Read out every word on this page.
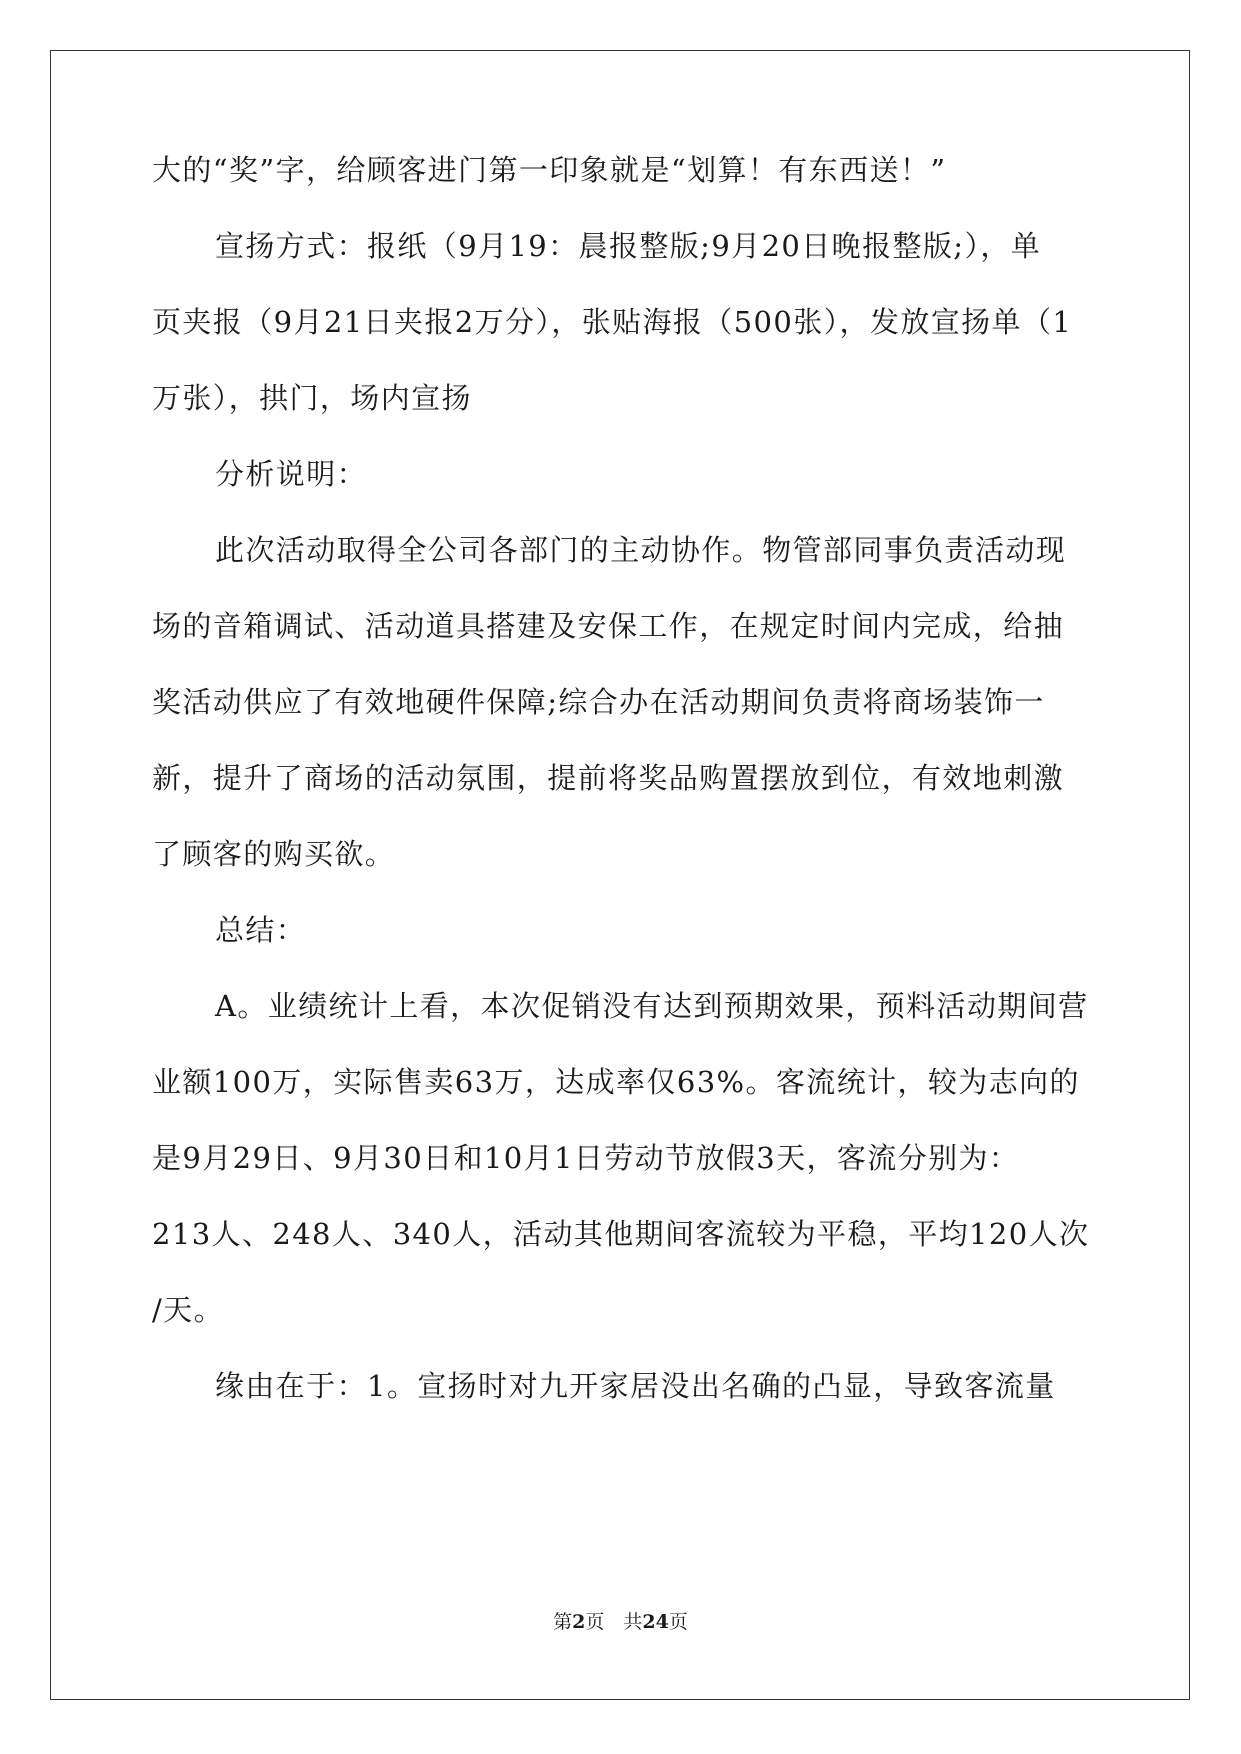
大的“奖”字，给顾客进门第一印象就是“划算！有东西送！”
宣扬方式：报纸（9月19：晨报整版;9月20日晚报整版;），单
页夹报（9月21日夹报2万分），张贴海报（500张），发放宣扬单（1
万张），拱门，场内宣扬
分析说明：
此次活动取得全公司各部门的主动协作。物管部同事负责活动现
场的音箱调试、活动道具搭建及安保工作，在规定时间内完成，给抽
奖活动供应了有效地硬件保障;综合办在活动期间负责将商场装饰一
新，提升了商场的活动氛围，提前将奖品购置摆放到位，有效地刺激
了顾客的购买欲。
总结：
A。业绩统计上看，本次促销没有达到预期效果，预料活动期间营
业额100万，实际售卖63万，达成率仅63%。客流统计，较为志向的
是9月29日、9月30日和10月1日劳动节放假3天，客流分别为：
213人、248人、340人，活动其他期间客流较为平稳，平均120人次
/天。
缘由在于：1。宣扬时对九开家居没出名确的凸显，导致客流量
第2页　共24页
